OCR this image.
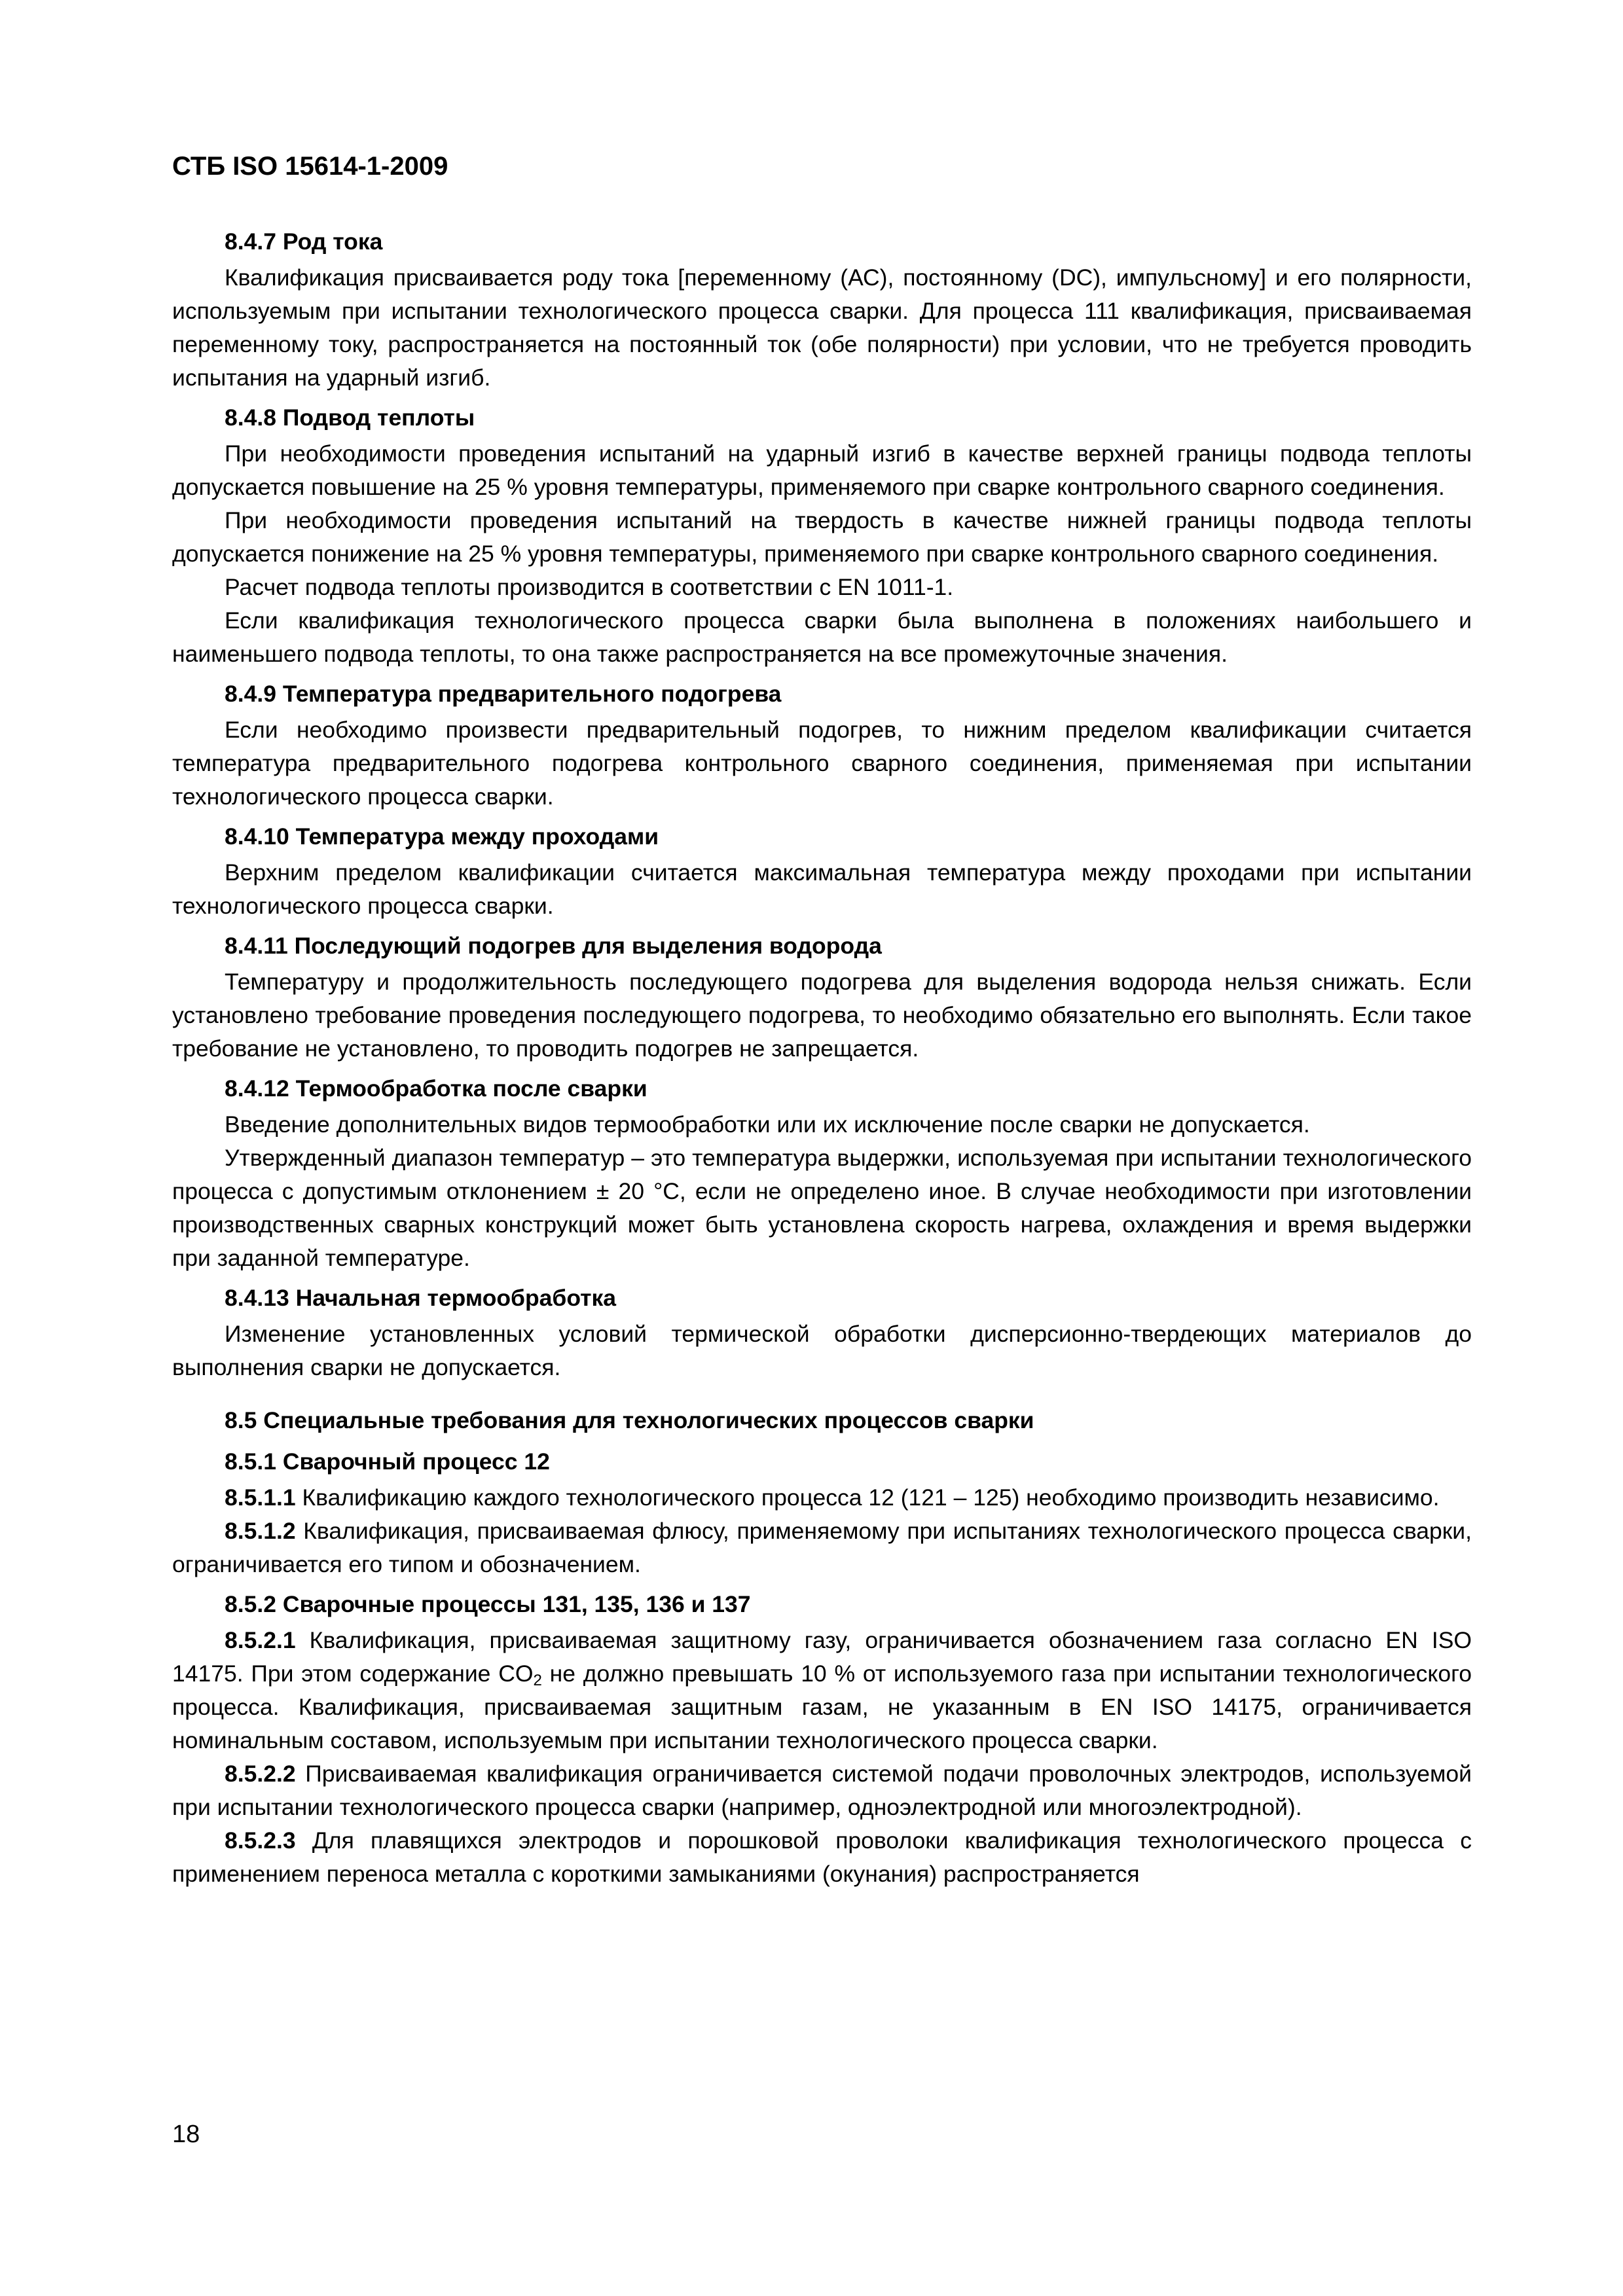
СТБ ISO 15614-1-2009

8.4.7 Род тока

Квалификация присваивается роду тока [переменному (АС), постоянному (DC), импульсному] и его полярности, используемым при испытании технологического процесса сварки. Для процесса 111 квалификация, присваиваемая переменному току, распространяется на постоянный ток (обе полярности) при условии, что не требуется проводить испытания на ударный изгиб.

8.4.8 Подвод теплоты

При необходимости проведения испытаний на ударный изгиб в качестве верхней границы подвода теплоты допускается повышение на 25 % уровня температуры, применяемого при сварке контрольного сварного соединения.

При необходимости проведения испытаний на твердость в качестве нижней границы подвода теплоты допускается понижение на 25 % уровня температуры, применяемого при сварке контрольного сварного соединения.

Расчет подвода теплоты производится в соответствии с EN 1011-1.

Если квалификация технологического процесса сварки была выполнена в положениях наибольшего и наименьшего подвода теплоты, то она также распространяется на все промежуточные значения.

8.4.9 Температура предварительного подогрева

Если необходимо произвести предварительный подогрев, то нижним пределом квалификации считается температура предварительного подогрева контрольного сварного соединения, применяемая при испытании технологического процесса сварки.

8.4.10 Температура между проходами

Верхним пределом квалификации считается максимальная температура между проходами при испытании технологического процесса сварки.

8.4.11 Последующий подогрев для выделения водорода

Температуру и продолжительность последующего подогрева для выделения водорода нельзя снижать. Если установлено требование проведения последующего подогрева, то необходимо обязательно его выполнять. Если такое требование не установлено, то проводить подогрев не запрещается.

8.4.12 Термообработка после сварки

Введение дополнительных видов термообработки или их исключение после сварки не допускается.

Утвержденный диапазон температур – это температура выдержки, используемая при испытании технологического процесса с допустимым отклонением ± 20 °С, если не определено иное. В случае необходимости при изготовлении производственных сварных конструкций может быть установлена скорость нагрева, охлаждения и время выдержки при заданной температуре.

8.4.13 Начальная термообработка

Изменение установленных условий термической обработки дисперсионно-твердеющих материалов до выполнения сварки не допускается.

8.5 Специальные требования для технологических процессов сварки
8.5.1 Сварочный процесс 12

8.5.1.1 Квалификацию каждого технологического процесса 12 (121 – 125) необходимо производить независимо.

8.5.1.2 Квалификация, присваиваемая флюсу, применяемому при испытаниях технологического процесса сварки, ограничивается его типом и обозначением.

8.5.2 Сварочные процессы 131, 135, 136 и 137

8.5.2.1 Квалификация, присваиваемая защитному газу, ограничивается обозначением газа согласно EN ISO 14175. При этом содержание $CO_2$ не должно превышать 10 % от используемого газа при испытании технологического процесса. Квалификация, присваиваемая защитным газам, не указанным в EN ISO 14175, ограничивается номинальным составом, используемым при испытании технологического процесса сварки.

8.5.2.2 Присваиваемая квалификация ограничивается системой подачи проволочных электродов, используемой при испытании технологического процесса сварки (например, одноэлектродной или многоэлектродной).

8.5.2.3 Для плавящихся электродов и порошковой проволоки квалификация технологического процесса с применением переноса металла с короткими замыканиями (окунания) распространяется

18
